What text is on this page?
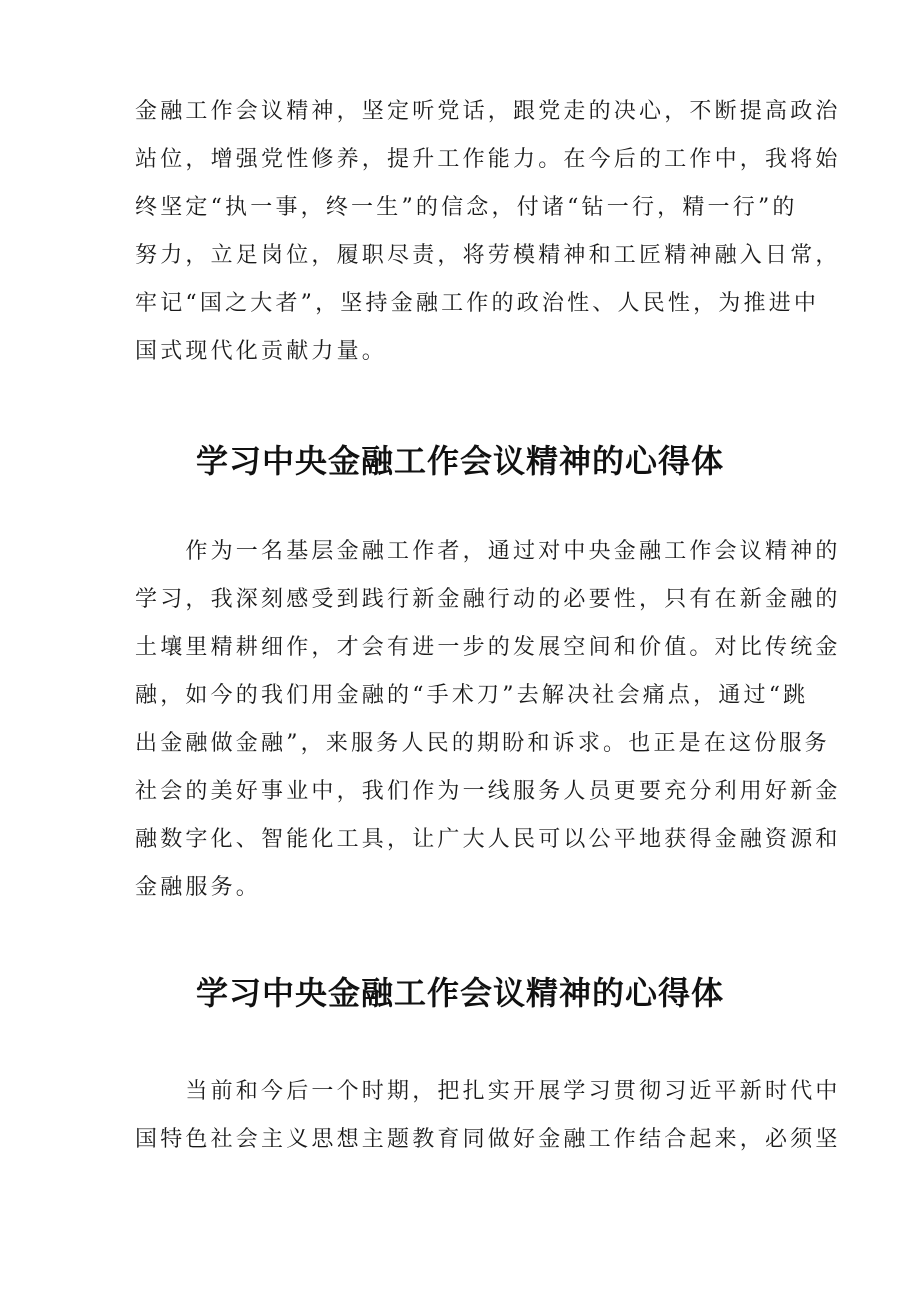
金融工作会议精神，坚定听党话，跟党走的决心，不断提高政治
站位，增强党性修养，提升工作能力。在今后的工作中，我将始
终坚定“执一事，终一生”的信念，付诸“钻一行，精一行”的
努力，立足岗位，履职尽责，将劳模精神和工匠精神融入日常，
牢记“国之大者”，坚持金融工作的政治性、人民性，为推进中
国式现代化贡献力量。
学习中央金融工作会议精神的心得体
　　作为一名基层金融工作者，通过对中央金融工作会议精神的
学习，我深刻感受到践行新金融行动的必要性，只有在新金融的
土壤里精耕细作，才会有进一步的发展空间和价值。对比传统金
融，如今的我们用金融的“手术刀”去解决社会痛点，通过“跳
出金融做金融”，来服务人民的期盼和诉求。也正是在这份服务
社会的美好事业中，我们作为一线服务人员更要充分利用好新金
融数字化、智能化工具，让广大人民可以公平地获得金融资源和
金融服务。
学习中央金融工作会议精神的心得体
　　当前和今后一个时期，把扎实开展学习贯彻习近平新时代中
国特色社会主义思想主题教育同做好金融工作结合起来，必须坚
